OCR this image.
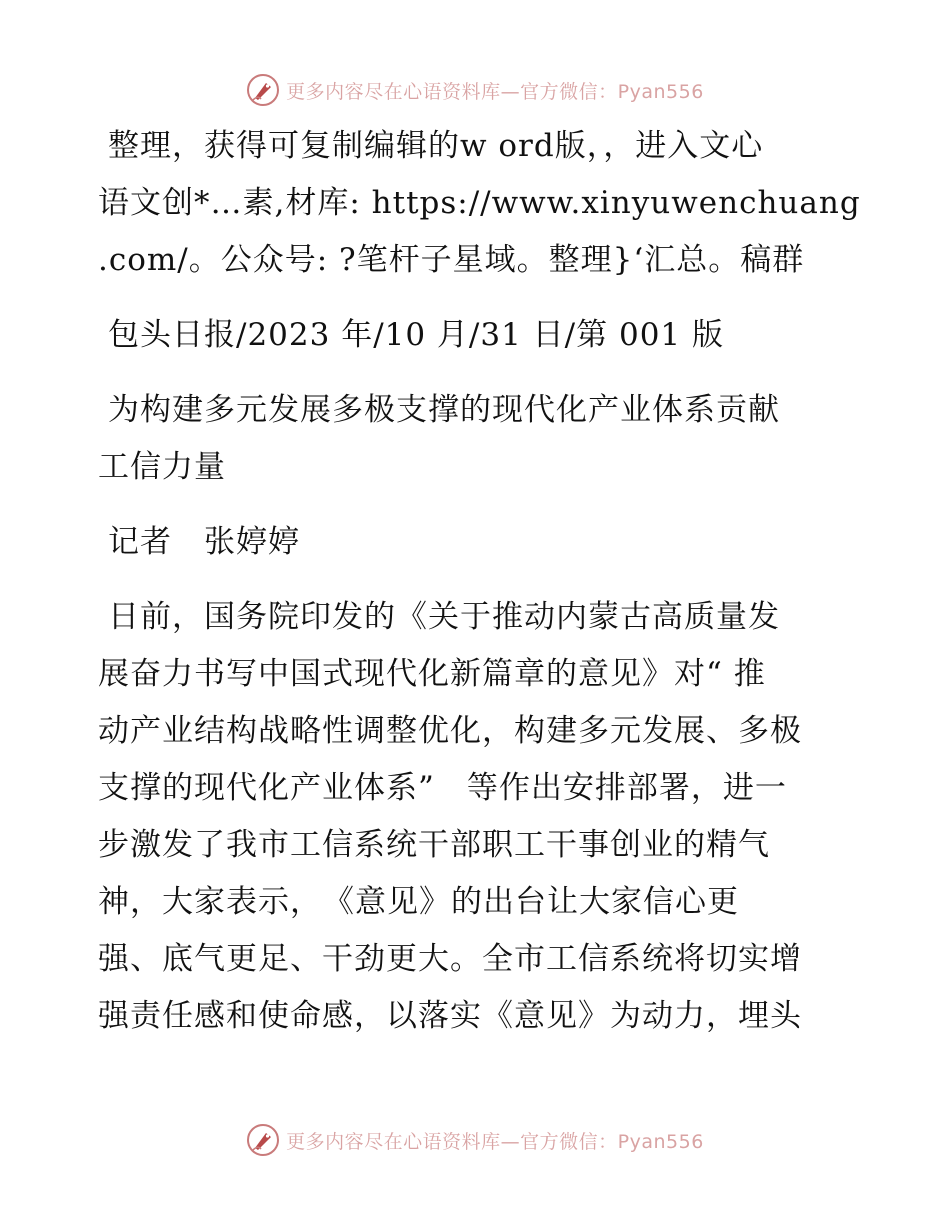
更多内容尽在心语资料库—官方微信：Pyan556
整理，获得可复制编辑的w ord版，，进入文心
语文创*…素,材库: https://www.xinyuwenchuang
.com/。公众号: ?笔杆子星域。整理}‘汇总。稿群
包头日报/2023 年/10 月/31 日/第 001 版
为构建多元发展多极支撑的现代化产业体系贡献
工信力量
记者　张婷婷
日前，国务院印发的《关于推动内蒙古高质量发
展奋力书写中国式现代化新篇章的意见》对“ 推
动产业结构战略性调整优化，构建多元发展、多极
支撑的现代化产业体系”　等作出安排部署，进一
步激发了我市工信系统干部职工干事创业的精气
神，大家表示，　《意见》的出台让大家信心更
强、底气更足、干劲更大。全市工信系统将切实增
强责任感和使命感，以落实《意见》为动力，埋头
更多内容尽在心语资料库—官方微信：Pyan556
